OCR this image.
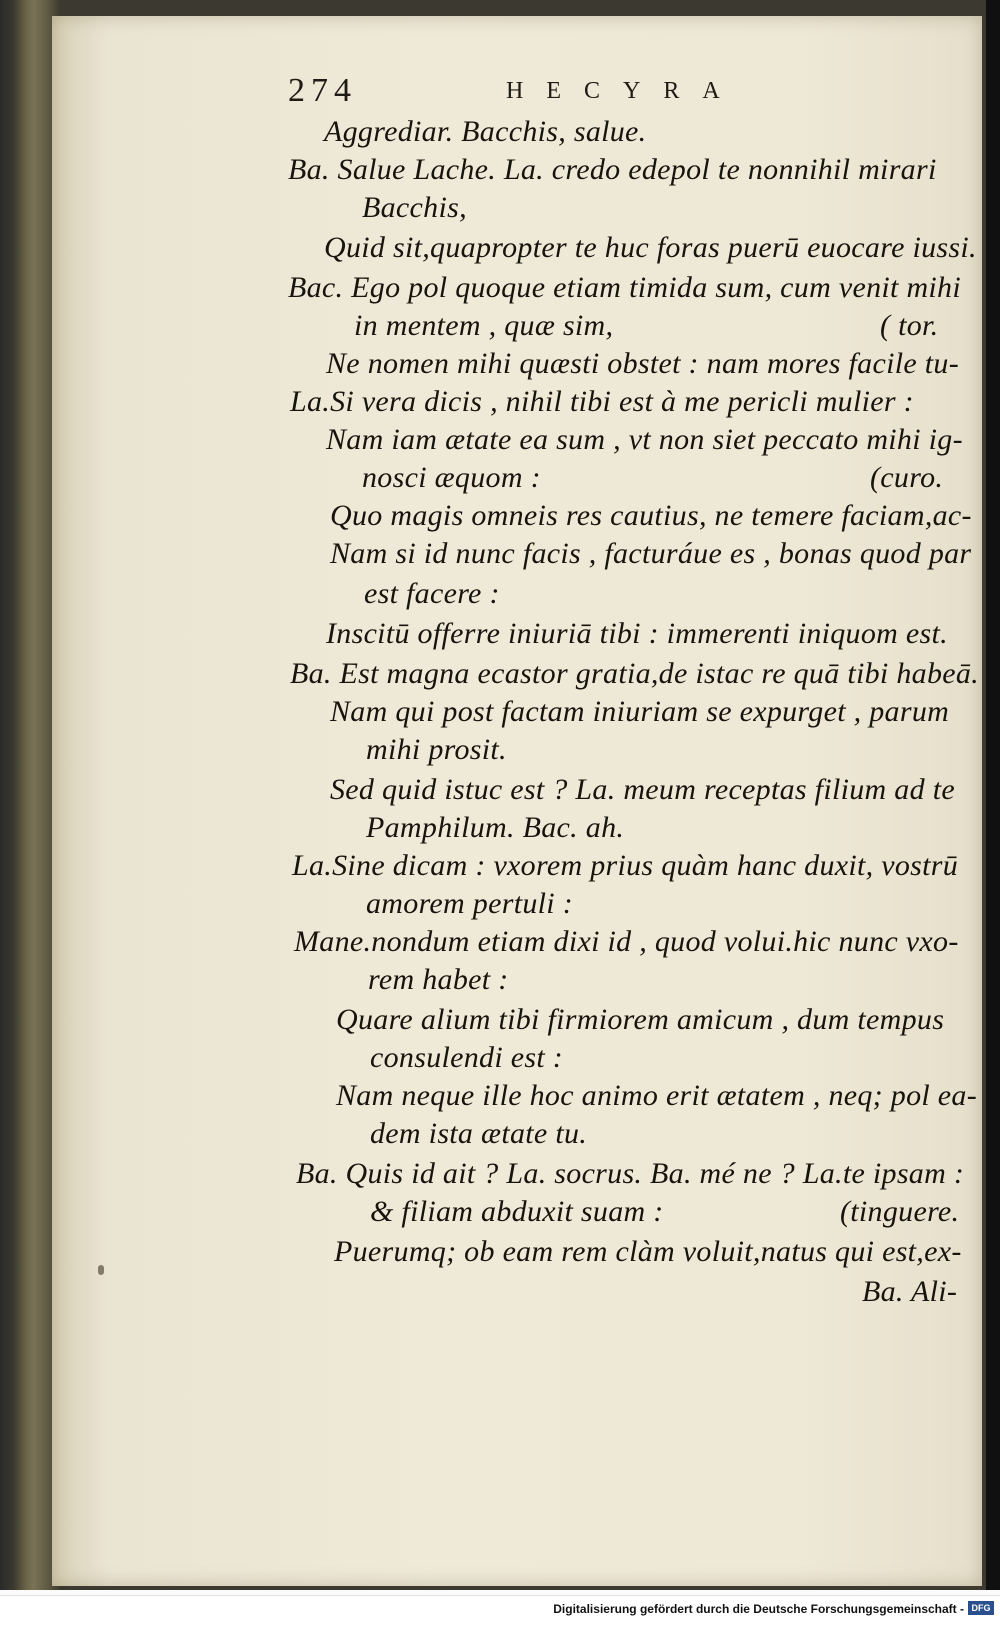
274	HECYRA
Aggrediar. Bacchis, salue.
Ba. Salue Lache. La. credo edepol te nonnihil mirari
Bacchis,
Quid sit,quapropter te huc foras puerū euocare iussi.
Bac. Ego pol quoque etiam timida sum, cum venit mihi
in mentem , quæ sim,	( tor.
Ne nomen mihi quæsti obstet : nam mores facile tu-
La.Si vera dicis , nihil tibi est à me pericli mulier :
Nam iam ætate ea sum , vt non siet peccato mihi ig-
nosci æquom :	(curo.
Quo magis omneis res cautius, ne temere faciam,ac-
Nam si id nunc facis , facturáue es , bonas quod par
est facere :
Inscitū offerre iniuriā tibi : immerenti iniquom est.
Ba. Est magna ecastor gratia,de istac re quā tibi habeā.
Nam qui post factam iniuriam se expurget , parum
mihi prosit.
Sed quid istuc est ? La. meum receptas filium ad te
Pamphilum. Bac. ah.
La.Sine dicam : vxorem prius quàm hanc duxit, vostrū
amorem pertuli :
Mane.nondum etiam dixi id , quod volui.hic nunc vxo-
rem habet :
Quare alium tibi firmiorem amicum , dum tempus
consulendi est :
Nam neque ille hoc animo erit ætatem , neq; pol ea-
dem ista ætate tu.
Ba. Quis id ait ? La. socrus. Ba. mé ne ? La.te ipsam :
& filiam abduxit suam :	(tinguere.
Puerumq; ob eam rem clàm voluit,natus qui est,ex-
Ba. Ali-
Digitalisierung gefördert durch die Deutsche Forschungsgemeinschaft - DFG
